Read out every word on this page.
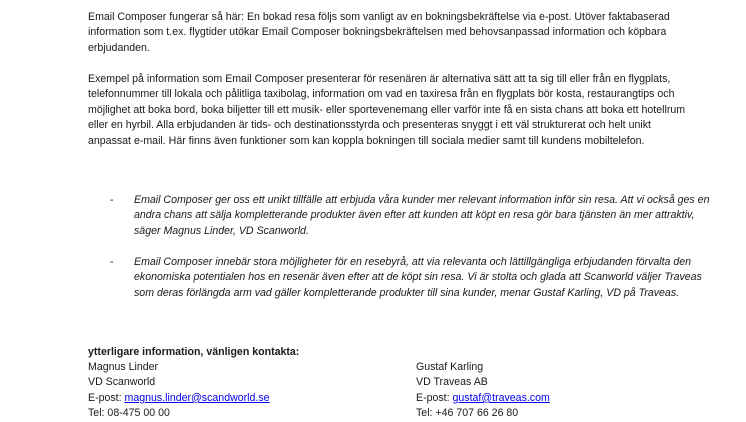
Email Composer fungerar så här: En bokad resa följs som vanligt av en bokningsbekräftelse via e-post. Utöver faktabaserad information som t.ex. flygtider utökar Email Composer bokningsbekräftelsen med behovsanpassad information och köpbara erbjudanden.

Exempel på information som Email Composer presenterar för resenären är alternativa sätt att ta sig till eller från en flygplats, telefonnummer till lokala och pålitliga taxibolag, information om vad en taxiresa från en flygplats bör kosta, restaurangtips och möjlighet att boka bord, boka biljetter till ett musik- eller sportevenemang eller varför inte få en sista chans att boka ett hotellrum eller en hyrbil. Alla erbjudanden är tids- och destinationsstyrda och presenteras snyggt i ett väl strukturerat och helt unikt anpassat e-mail. Här finns även funktioner som kan koppla bokningen till sociala medier samt till kundens mobiltelefon.

-	Email Composer ger oss ett unikt tillfälle att erbjuda våra kunder mer relevant information inför sin resa. Att vi också ges en andra chans att sälja kompletterande produkter även efter att kunden att köpt en resa gör bara tjänsten än mer attraktiv, säger Magnus Linder, VD Scanworld.
-	Email Composer innebär stora möjligheter för en resebyrå, att via relevanta och lättillgängliga erbjudanden förvalta den ekonomiska potentialen hos en resenär även efter att de köpt sin resa. Vi är stolta och glada att Scanworld väljer Traveas som deras förlängda arm vad gäller kompletterande produkter till sina kunder, menar Gustaf Karling, VD på Traveas.
ytterligare information, vänligen kontakta:
Magnus Linder
VD Scanworld
E-post: magnus.linder@scandworld.se
Tel: 08-475 00 00
Gustaf Karling
VD Traveas AB
E-post: gustaf@traveas.com
Tel: +46 707 66 26 80
